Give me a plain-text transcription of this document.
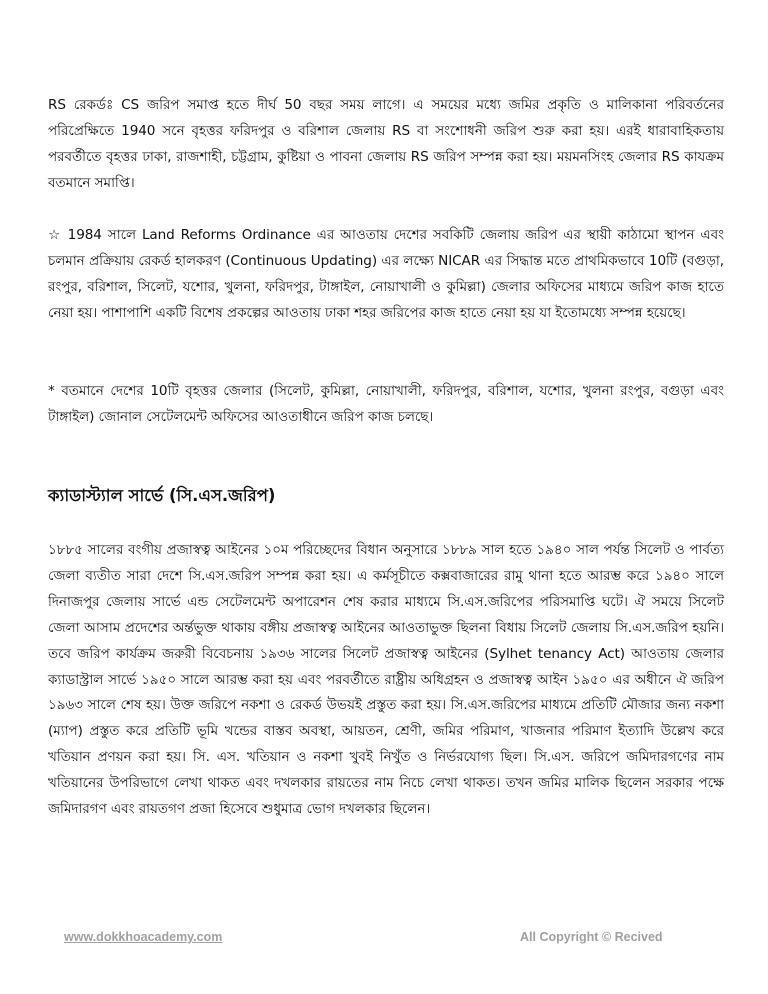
RS রেকর্ডঃ CS জরিপ সমাপ্ত হতে দীর্ঘ 50 বছর সময় লাগে। এ সময়ের মধ্যে জমির প্রকৃতি ও মালিকানা পরিবর্তনের পরিপ্রেক্ষিতে 1940 সনে বৃহত্তর ফরিদপুর ও বরিশাল জেলায় RS বা সংশোধনী জরিপ শুরু করা হয়। এরই ধারাবাহিকতায় পরবর্তীতে বৃহত্তর ঢাকা, রাজশাহী, চট্টগ্রাম, কুষ্টিয়া ও পাবনা জেলায় RS জরিপ সম্পন্ন করা হয়। ময়মনসিংহ জেলার RS কাযক্রম বতমানে সমাপ্তি।

☆ 1984 সালে Land Reforms Ordinance এর আওতায় দেশের সবকিটি জেলায় জরিপ এর স্থায়ী কাঠামো স্থাপন এবং চলমান প্রক্রিয়ায় রেকর্ড হালকরণ (Continuous Updating) এর লক্ষ্যে NICAR এর সিদ্ধান্ত মতে প্রাথমিকভাবে 10টি (বগুড়া, রংপুর, বরিশাল, সিলেট, যশোর, খুলনা, ফরিদপুর, টাঙ্গাইল, নোয়াখালী ও কুমিল্লা) জেলার অফিসের মাধ্যমে জরিপ কাজ হাতে নেয়া হয়। পাশাপাশি একটি বিশেষ প্রকল্পের আওতায় ঢাকা শহর জরিপের কাজ হাতে নেয়া হয় যা ইতোমধ্যে সম্পন্ন হয়েছে।

* বতমানে দেশের 10টি বৃহত্তর জেলার (সিলেট, কুমিল্লা, নোয়াখালী, ফরিদপুর, বরিশাল, যশোর, খুলনা রংপুর, বগুড়া এবং টাঙ্গাইল) জোনাল সেটেলমেন্ট অফিসের আওতাধীনে জরিপ কাজ চলছে।

ক্যাডাস্ট্যাল সার্ভে (সি.এস.জরিপ)

১৮৮৫ সালের বংগীয় প্রজাস্বত্ব আইনের ১০ম পরিচ্ছেদের বিধান অনুসারে ১৮৮৯ সাল হতে ১৯৪০ সাল পর্যন্ত সিলেট ও পার্বত্য জেলা ব্যতীত সারা দেশে সি.এস.জরিপ সম্পন্ন করা হয়। এ কর্মসূচীতে কক্সবাজারের রামু থানা হতে আরম্ভ করে ১৯৪০ সালে দিনাজপুর জেলায় সার্ভে এন্ড সেটেলমেন্ট অপারেশন শেষ করার মাধ্যমে সি.এস.জরিপের পরিসমাপ্তি ঘটে। ঐ সময়ে সিলেট জেলা আসাম প্রদেশের অর্ন্তভুক্ত থাকায় বঙ্গীয় প্রজাস্বত্ব আইনের আওতাভুক্ত ছিলনা বিধায় সিলেট জেলায় সি.এস.জরিপ হয়নি। তবে জরিপ কার্যক্রম জরুরী বিবেচনায় ১৯৩৬ সালের সিলেট প্রজাস্বত্ব আইনের (Sylhet tenancy Act) আওতায় জেলার ক্যাডাস্ট্রাল সার্ভে ১৯৫০ সালে আরম্ভ করা হয় এবং পরবর্তীতে রাষ্ট্রীয় অধিগ্রহন ও প্রজাস্বত্ব আইন ১৯৫০ এর অধীনে ঐ জরিপ ১৯৬৩ সালে শেষ হয়। উক্ত জরিপে নকশা ও রেকর্ড উভয়ই প্রস্তুত করা হয়। সি.এস.জরিপের মাধ্যমে প্রতিটি মৌজার জন্য নকশা (ম্যাপ) প্রস্তুত করে প্রতিটি ভূমি খন্ডের বাস্তব অবস্থা, আয়তন, শ্রেণী, জমির পরিমাণ, খাজনার পরিমাণ ইত্যাদি উল্লেখ করে খতিয়ান প্রণয়ন করা হয়। সি. এস. খতিয়ান ও নকশা খুবই নিখুঁত ও নির্ভরযোগ্য ছিল। সি.এস. জরিপে জমিদারগণের নাম খতিয়ানের উপরিভাগে লেখা থাকত এবং দখলকার রায়তের নাম নিচে লেখা থাকত। তখন জমির মালিক ছিলেন সরকার পক্ষে জমিদারগণ এবং রায়তগণ প্রজা হিসেবে শুধুমাত্র ভোগ দখলকার ছিলেন।

www.dokkhoacademy.com	All Copyright © Recived
